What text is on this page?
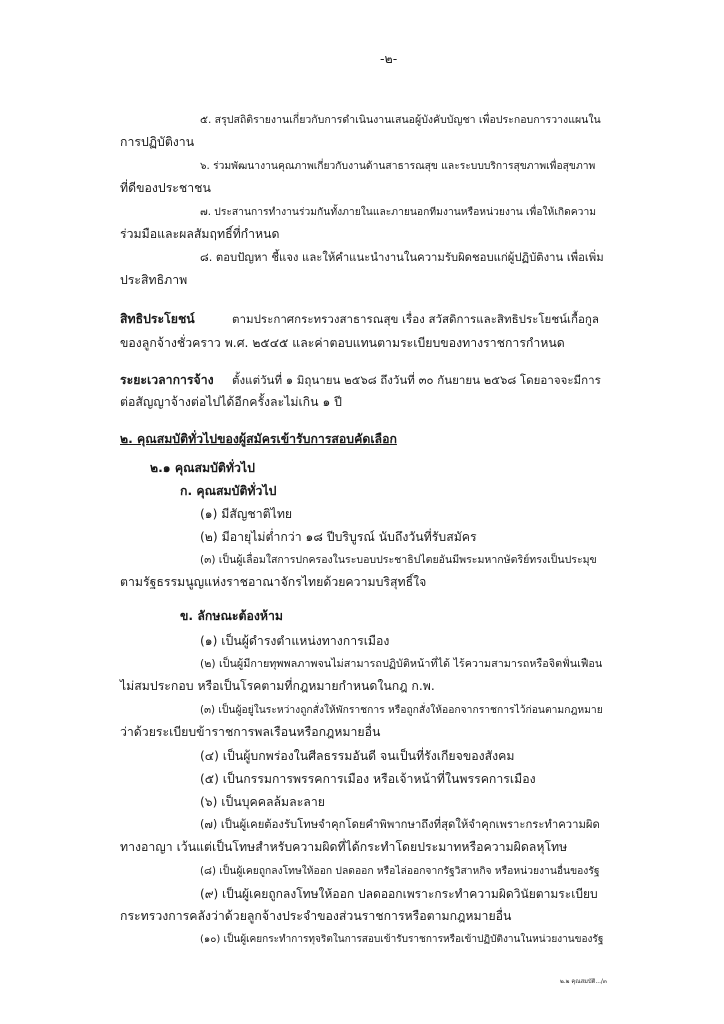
-๒-
๕. สรุปสถิติรายงานเกี่ยวกับการดำเนินงานเสนอผู้บังคับบัญชา เพื่อประกอบการวางแผนใน
การปฏิบัติงาน
๖. ร่วมพัฒนางานคุณภาพเกี่ยวกับงานด้านสาธารณสุข และระบบบริการสุขภาพเพื่อสุขภาพ
ที่ดีของประชาชน
๗. ประสานการทำงานร่วมกันทั้งภายในและภายนอกทีมงานหรือหน่วยงาน เพื่อให้เกิดความ
ร่วมมือและผลสัมฤทธิ์ที่กำหนด
๘. ตอบปัญหา ชี้แจง และให้คำแนะนำงานในความรับผิดชอบแก่ผู้ปฏิบัติงาน เพื่อเพิ่ม
ประสิทธิภาพ
สิทธิประโยชน์	ตามประกาศกระทรวงสาธารณสุข เรื่อง สวัสดิการและสิทธิประโยชน์เกื้อกูล
ของลูกจ้างชั่วคราว พ.ศ. ๒๕๔๕ และค่าตอบแทนตามระเบียบของทางราชการกำหนด
ระยะเวลาการจ้าง ตั้งแต่วันที่ ๑ มิถุนายน ๒๕๖๘ ถึงวันที่ ๓๐ กันยายน ๒๕๖๘ โดยอาจจะมีการ
ต่อสัญญาจ้างต่อไปได้อีกครั้งละไม่เกิน ๑ ปี
๒. คุณสมบัติทั่วไปของผู้สมัครเข้ารับการสอบคัดเลือก
๒.๑ คุณสมบัติทั่วไป
ก. คุณสมบัติทั่วไป
(๑) มีสัญชาติไทย
(๒) มีอายุไม่ต่ำกว่า ๑๘ ปีบริบูรณ์ นับถึงวันที่รับสมัคร
(๓) เป็นผู้เลื่อมใสการปกครองในระบอบประชาธิปไตยอันมีพระมหากษัตริย์ทรงเป็นประมุข
ตามรัฐธรรมนูญแห่งราชอาณาจักรไทยด้วยความบริสุทธิ์ใจ
ข. ลักษณะต้องห้าม
(๑) เป็นผู้ดำรงตำแหน่งทางการเมือง
(๒) เป็นผู้มีกายทุพพลภาพจนไม่สามารถปฏิบัติหน้าที่ได้ ไร้ความสามารถหรือจิตฟั่นเฟือน
ไม่สมประกอบ หรือเป็นโรคตามที่กฎหมายกำหนดในกฎ ก.พ.
(๓) เป็นผู้อยู่ในระหว่างถูกสั่งให้พักราชการ หรือถูกสั่งให้ออกจากราชการไว้ก่อนตามกฎหมาย
ว่าด้วยระเบียบข้าราชการพลเรือนหรือกฎหมายอื่น
(๔) เป็นผู้บกพร่องในศีลธรรมอันดี จนเป็นที่รังเกียจของสังคม
(๕) เป็นกรรมการพรรคการเมือง หรือเจ้าหน้าที่ในพรรคการเมือง
(๖) เป็นบุคคลล้มละลาย
(๗) เป็นผู้เคยต้องรับโทษจำคุกโดยคำพิพากษาถึงที่สุดให้จำคุกเพราะกระทำความผิด
ทางอาญา เว้นแต่เป็นโทษสำหรับความผิดที่ได้กระทำโดยประมาทหรือความผิดลหุโทษ
(๘) เป็นผู้เคยถูกลงโทษให้ออก ปลดออก หรือไล่ออกจากรัฐวิสาหกิจ หรือหน่วยงานอื่นของรัฐ
(๙) เป็นผู้เคยถูกลงโทษให้ออก ปลดออกเพราะกระทำความผิดวินัยตามระเบียบ
กระทรวงการคลังว่าด้วยลูกจ้างประจำของส่วนราชการหรือตามกฎหมายอื่น
(๑๐) เป็นผู้เคยกระทำการทุจริตในการสอบเข้ารับราชการหรือเข้าปฏิบัติงานในหน่วยงานของรัฐ
๒.๒ คุณสมบัติ.../๓
